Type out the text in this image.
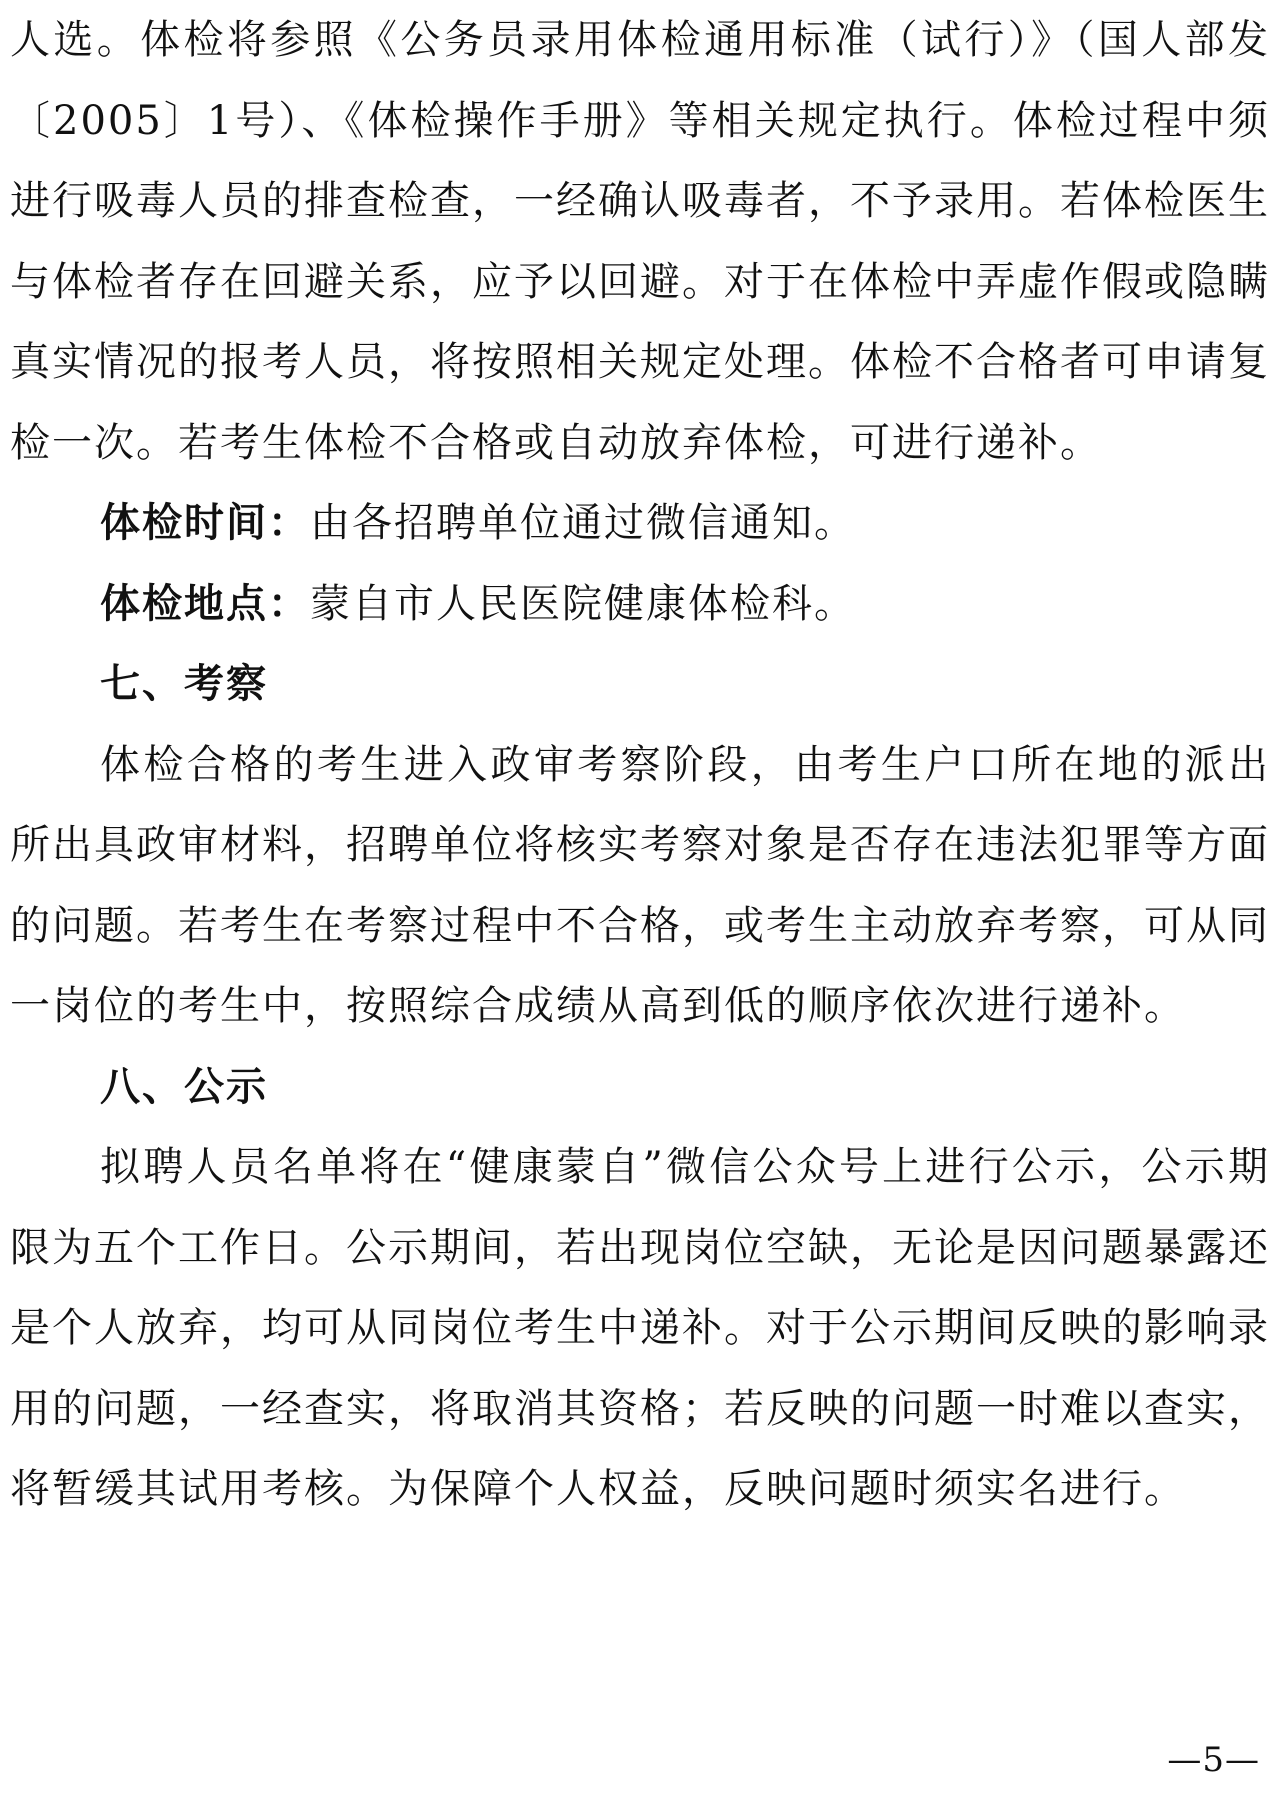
人选。体检将参照《公务员录用体检通用标准（试行）》（国人部发〔2005〕1号）、《体检操作手册》等相关规定执行。体检过程中须进行吸毒人员的排查检查，一经确认吸毒者，不予录用。若体检医生与体检者存在回避关系，应予以回避。对于在体检中弄虚作假或隐瞒真实情况的报考人员，将按照相关规定处理。体检不合格者可申请复检一次。若考生体检不合格或自动放弃体检，可进行递补。

体检时间：由各招聘单位通过微信通知。

体检地点：蒙自市人民医院健康体检科。

七、考察

体检合格的考生进入政审考察阶段，由考生户口所在地的派出所出具政审材料，招聘单位将核实考察对象是否存在违法犯罪等方面的问题。若考生在考察过程中不合格，或考生主动放弃考察，可从同一岗位的考生中，按照综合成绩从高到低的顺序依次进行递补。

八、公示

拟聘人员名单将在“健康蒙自”微信公众号上进行公示，公示期限为五个工作日。公示期间，若出现岗位空缺，无论是因问题暴露还是个人放弃，均可从同岗位考生中递补。对于公示期间反映的影响录用的问题，一经查实，将取消其资格；若反映的问题一时难以查实，将暂缓其试用考核。为保障个人权益，反映问题时须实名进行。

—5—
